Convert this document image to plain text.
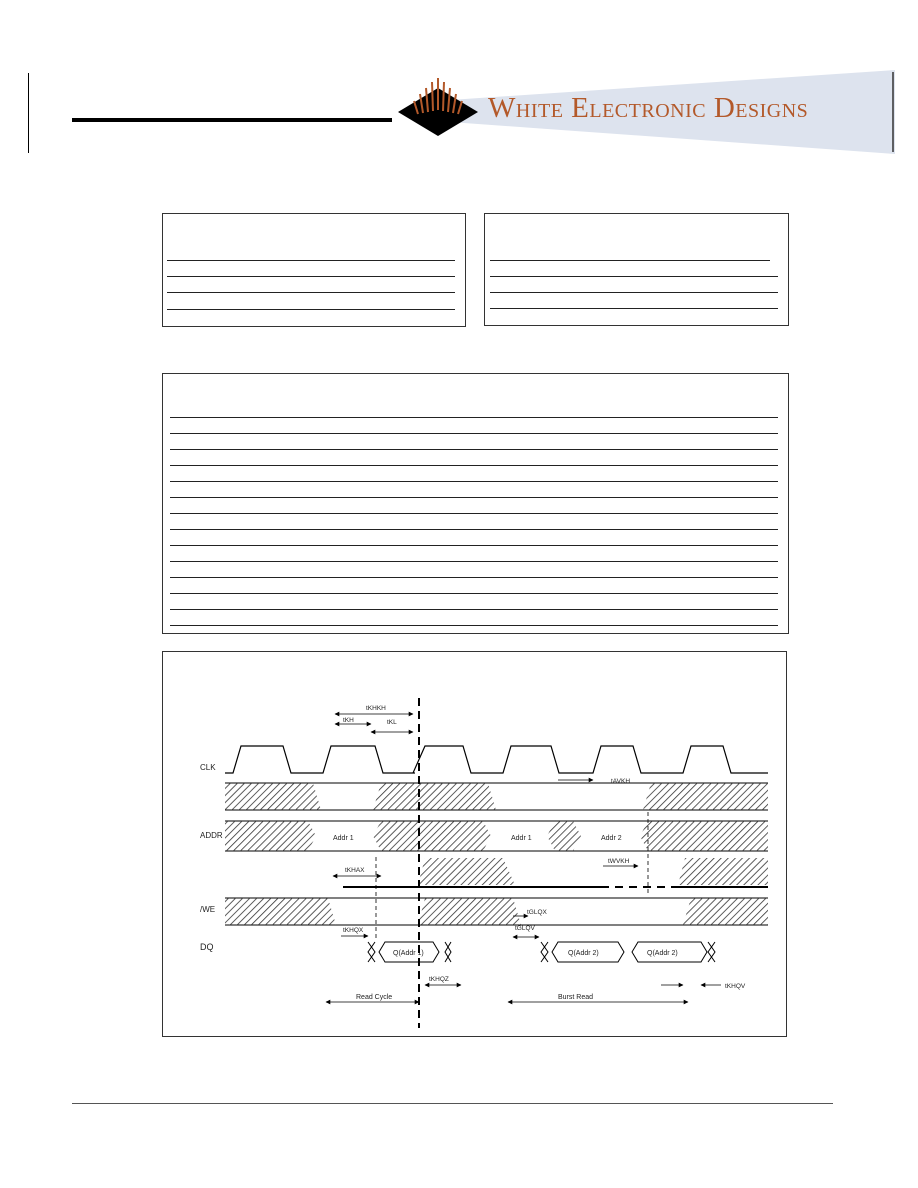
White Electronic Designs
CLK
ADDR
/WE
DQ
Addr 1	Addr 1	Addr 2
Q(Addr 1)	Q(Addr 2)	Q(Addr 2)
tKHKH
tKH	tKL
tAVKH
tKHAX
tWVKH
tGLQX
tGLQV
tKHQX
tKHQZ
tKHQV
Read Cycle	Burst Read
